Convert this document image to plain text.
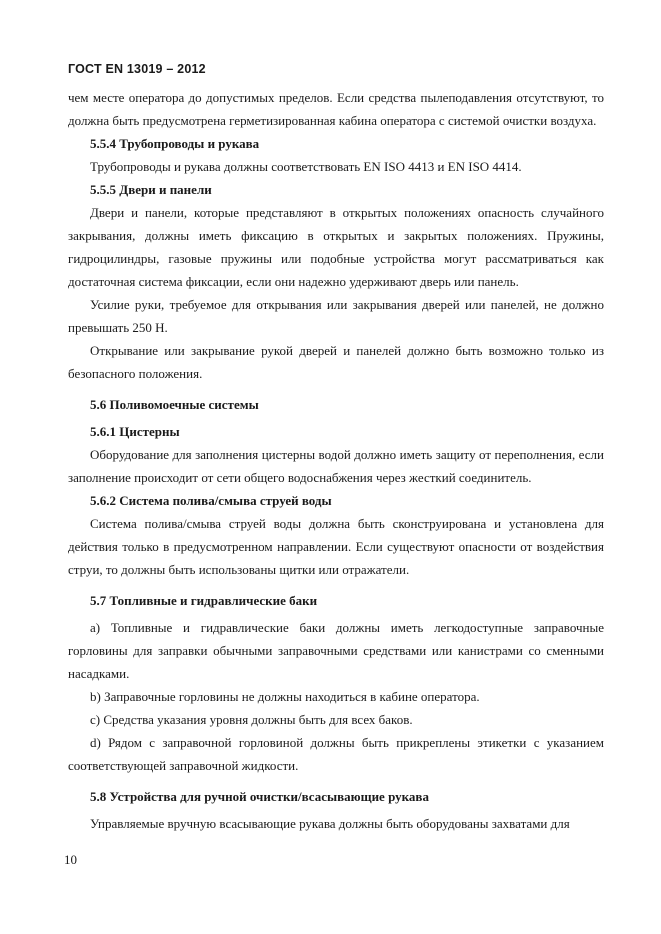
ГОСТ EN 13019 – 2012

чем месте оператора до допустимых пределов. Если средства пылеподавления отсутствуют, то должна быть предусмотрена герметизированная кабина оператора с системой очистки воздуха.

5.5.4 Трубопроводы и рукава

Трубопроводы и рукава должны соответствовать EN ISO 4413 и EN ISO 4414.

5.5.5 Двери и панели

Двери и панели, которые представляют в открытых положениях опасность случайного закрывания, должны иметь фиксацию в открытых и закрытых положениях. Пружины, гидроцилиндры, газовые пружины или подобные устройства могут рассматриваться как достаточная система фиксации, если они надежно удерживают дверь или панель.

Усилие руки, требуемое для открывания или закрывания дверей или панелей, не должно превышать 250 Н.

Открывание или закрывание рукой дверей и панелей должно быть возможно только из безопасного положения.

5.6 Поливомоечные системы

5.6.1 Цистерны

Оборудование для заполнения цистерны водой должно иметь защиту от переполнения, если заполнение происходит от сети общего водоснабжения через жесткий соединитель.

5.6.2 Система полива/смыва струей воды

Система полива/смыва струей воды должна быть сконструирована и установлена для действия только в предусмотренном направлении. Если существуют опасности от воздействия струи, то должны быть использованы щитки или отражатели.

5.7 Топливные и гидравлические баки

a) Топливные и гидравлические баки должны иметь легкодоступные заправочные горловины для заправки обычными заправочными средствами или канистрами со сменными насадками.

b) Заправочные горловины не должны находиться в кабине оператора.

c) Средства указания уровня должны быть для всех баков.

d) Рядом с заправочной горловиной должны быть прикреплены этикетки с указанием соответствующей заправочной жидкости.

5.8 Устройства для ручной очистки/всасывающие рукава

Управляемые вручную всасывающие рукава должны быть оборудованы захватами для

10
